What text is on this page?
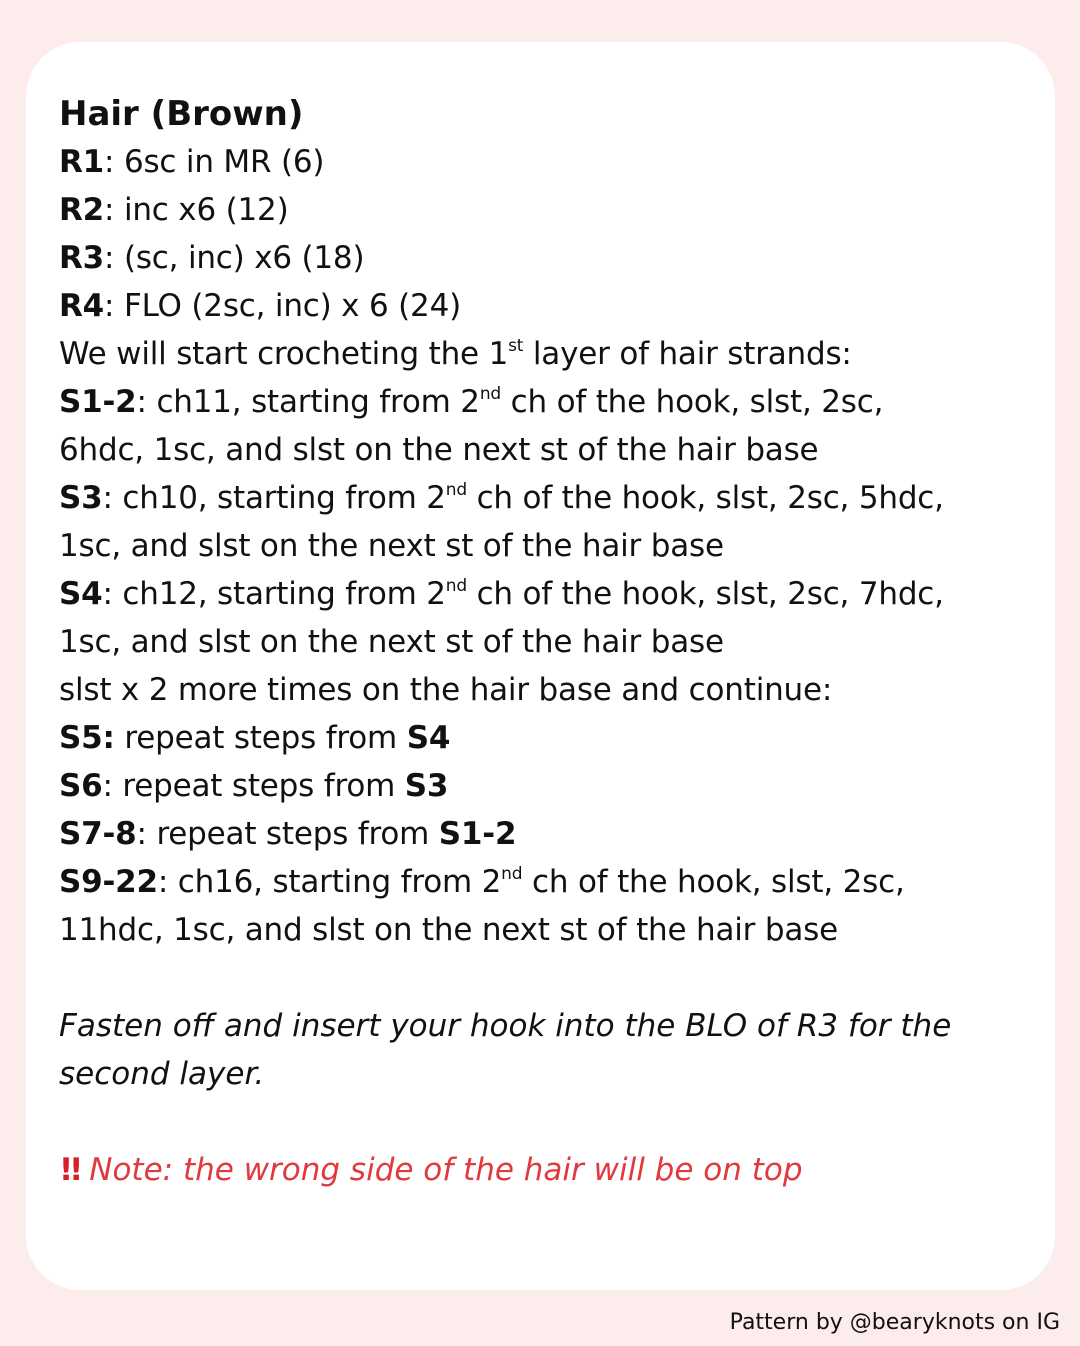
Hair (Brown)
R1: 6sc in MR (6)
R2: inc x6 (12)
R3: (sc, inc) x6 (18)
R4: FLO (2sc, inc) x 6 (24)
We will start crocheting the 1st layer of hair strands:
S1-2: ch11, starting from 2nd ch of the hook, slst, 2sc,
6hdc, 1sc, and slst on the next st of the hair base
S3: ch10, starting from 2nd ch of the hook, slst, 2sc, 5hdc,
1sc, and slst on the next st of the hair base
S4: ch12, starting from 2nd ch of the hook, slst, 2sc, 7hdc,
1sc, and slst on the next st of the hair base
slst x 2 more times on the hair base and continue:
S5: repeat steps from S4
S6: repeat steps from S3
S7-8: repeat steps from S1-2
S9-22: ch16, starting from 2nd ch of the hook, slst, 2sc,
11hdc, 1sc, and slst on the next st of the hair base
Fasten off and insert your hook into the BLO of R3 for the
second layer.
!! Note: the wrong side of the hair will be on top
Pattern by @bearyknots on IG
